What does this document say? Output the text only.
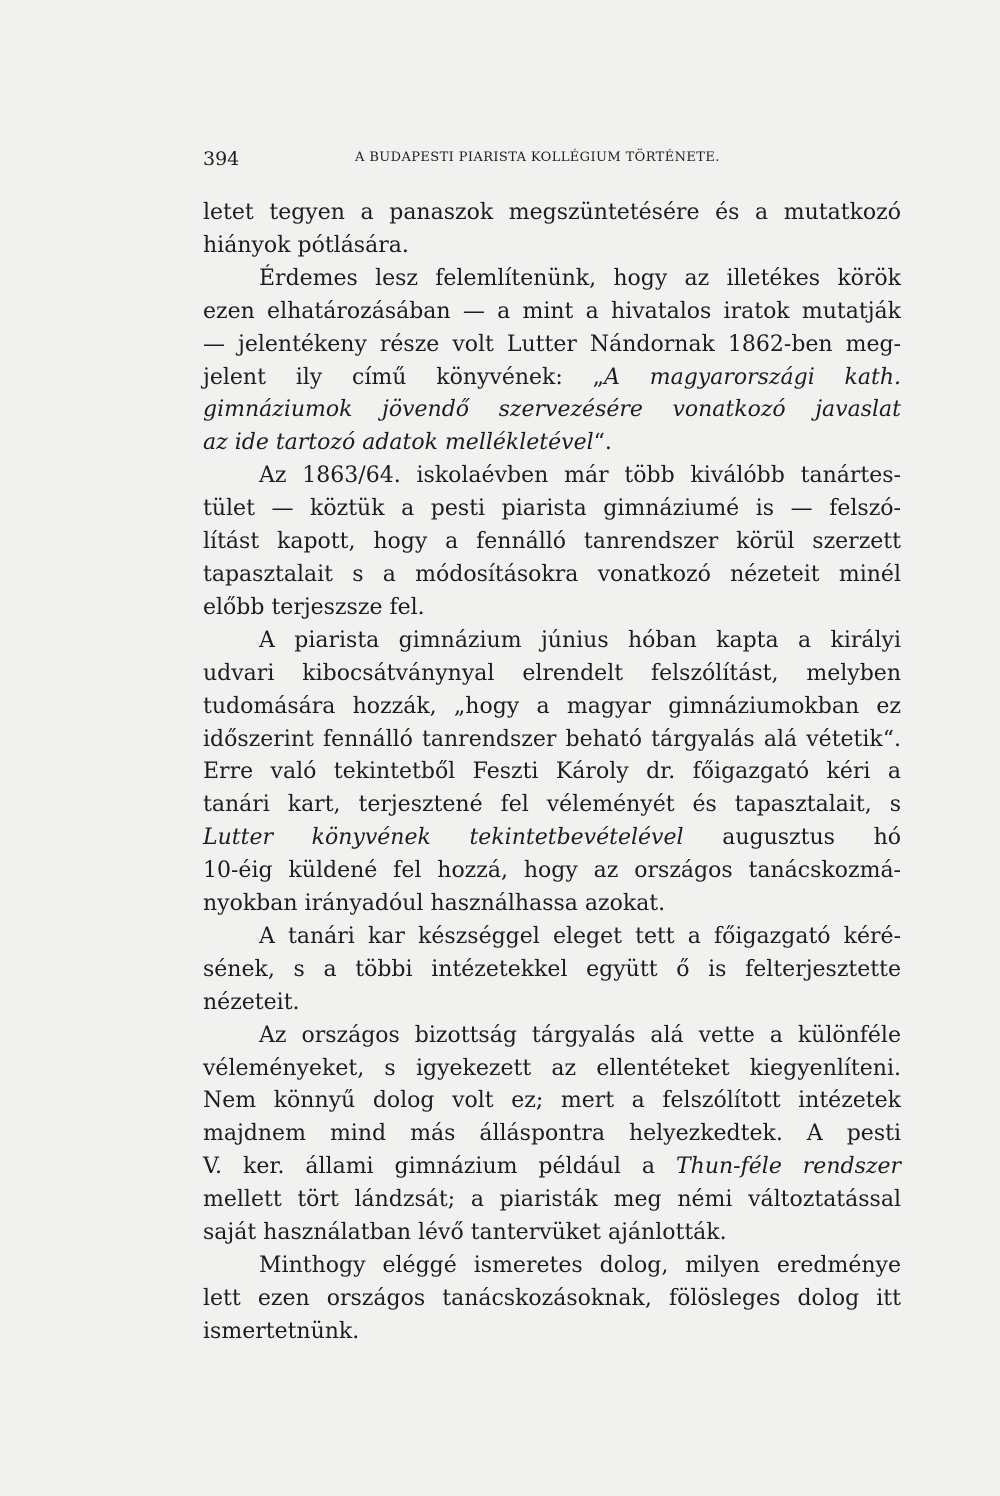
394	A BUDAPESTI PIARISTA KOLLÉGIUM TÖRTÉNETE.
letet tegyen a panaszok megszüntetésére és a mutatkozó
hiányok pótlására.
Érdemes lesz felemlítenünk, hogy az illetékes körök
ezen elhatározásában — a mint a hivatalos iratok mutatják
— jelentékeny része volt Lutter Nándornak 1862-ben meg-
jelent ily című könyvének: „A magyarországi kath.
gimnáziumok jövendő szervezésére vonatkozó javaslat
az ide tartozó adatok mellékletével“.
Az 1863/64. iskolaévben már több kiválóbb tanártes-
tület — köztük a pesti piarista gimnáziumé is — felszó-
lítást kapott, hogy a fennálló tanrendszer körül szerzett
tapasztalait s a módosításokra vonatkozó nézeteit minél
előbb terjeszsze fel.
A piarista gimnázium június hóban kapta a királyi
udvari kibocsátványnyal elrendelt felszólítást, melyben
tudomására hozzák, „hogy a magyar gimnáziumokban ez
időszerint fennálló tanrendszer beható tárgyalás alá vétetik“.
Erre való tekintetből Feszti Károly dr. főigazgató kéri a
tanári kart, terjesztené fel véleményét és tapasztalait, s
Lutter könyvének tekintetbevételével augusztus hó
10-éig küldené fel hozzá, hogy az országos tanácskozmá-
nyokban irányadóul használhassa azokat.
A tanári kar készséggel eleget tett a főigazgató kéré-
sének, s a többi intézetekkel együtt ő is felterjesztette
nézeteit.
Az országos bizottság tárgyalás alá vette a különféle
véleményeket, s igyekezett az ellentéteket kiegyenlíteni.
Nem könnyű dolog volt ez; mert a felszólított intézetek
majdnem mind más álláspontra helyezkedtek. A pesti
V. ker. állami gimnázium például a Thun-féle rendszer
mellett tört lándzsát; a piaristák meg némi változtatással
saját használatban lévő tantervüket ajánlották.
Minthogy eléggé ismeretes dolog, milyen eredménye
lett ezen országos tanácskozásoknak, fölösleges dolog itt
ismertetnünk.
